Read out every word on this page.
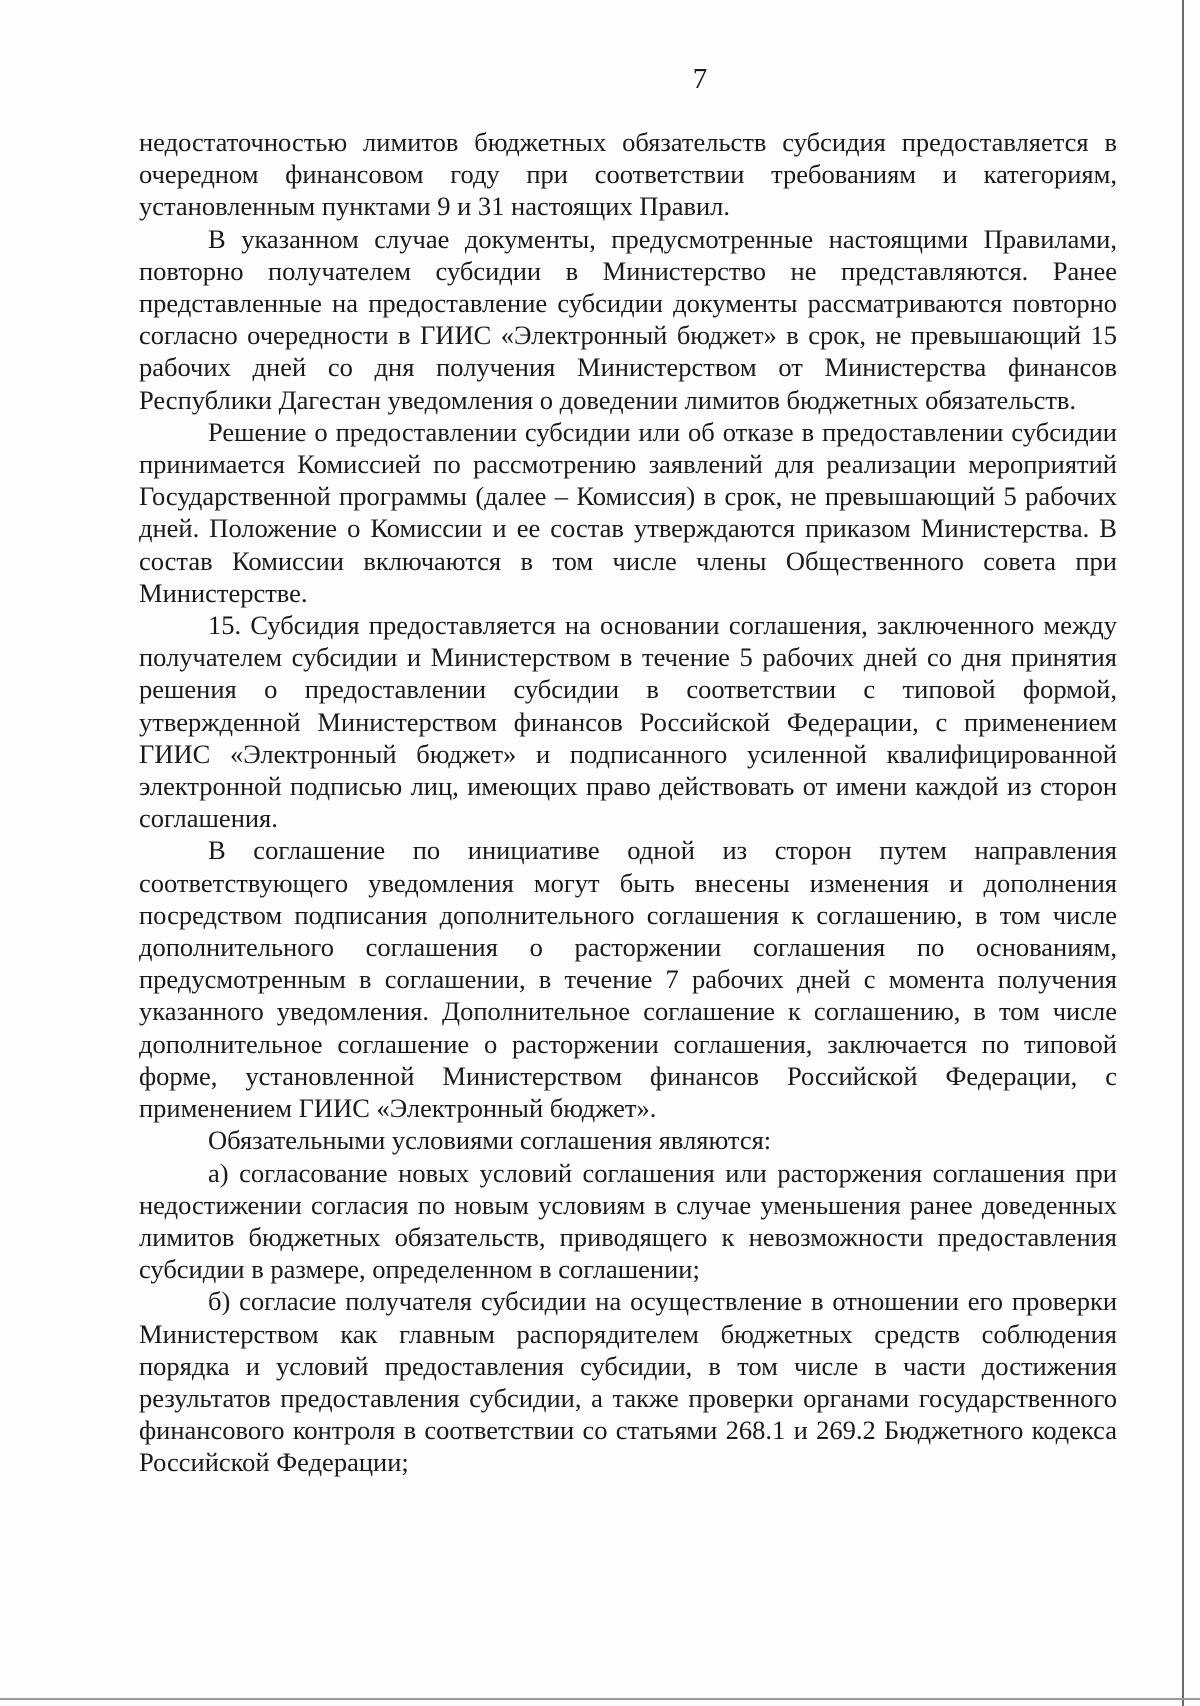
7

недостаточностью лимитов бюджетных обязательств субсидия предоставляется в очередном финансовом году при соответствии требованиям и категориям, установленным пунктами 9 и 31 настоящих Правил.

В указанном случае документы, предусмотренные настоящими Правилами, повторно получателем субсидии в Министерство не представляются. Ранее представленные на предоставление субсидии документы рассматриваются повторно согласно очередности в ГИИС «Электронный бюджет» в срок, не превышающий 15 рабочих дней со дня получения Министерством от Министерства финансов Республики Дагестан уведомления о доведении лимитов бюджетных обязательств.

Решение о предоставлении субсидии или об отказе в предоставлении субсидии принимается Комиссией по рассмотрению заявлений для реализации мероприятий Государственной программы (далее – Комиссия) в срок, не превышающий 5 рабочих дней. Положение о Комиссии и ее состав утверждаются приказом Министерства. В состав Комиссии включаются в том числе члены Общественного совета при Министерстве.

15. Субсидия предоставляется на основании соглашения, заключенного между получателем субсидии и Министерством в течение 5 рабочих дней со дня принятия решения о предоставлении субсидии в соответствии с типовой формой, утвержденной Министерством финансов Российской Федерации, с применением ГИИС «Электронный бюджет» и подписанного усиленной квалифицированной электронной подписью лиц, имеющих право действовать от имени каждой из сторон соглашения.

В соглашение по инициативе одной из сторон путем направления соответствующего уведомления могут быть внесены изменения и дополнения посредством подписания дополнительного соглашения к соглашению, в том числе дополнительного соглашения о расторжении соглашения по основаниям, предусмотренным в соглашении, в течение 7 рабочих дней с момента получения указанного уведомления. Дополнительное соглашение к соглашению, в том числе дополнительное соглашение о расторжении соглашения, заключается по типовой форме, установленной Министерством финансов Российской Федерации, с применением ГИИС «Электронный бюджет».

Обязательными условиями соглашения являются:

а) согласование новых условий соглашения или расторжения соглашения при недостижении согласия по новым условиям в случае уменьшения ранее доведенных лимитов бюджетных обязательств, приводящего к невозможности предоставления субсидии в размере, определенном в соглашении;

б) согласие получателя субсидии на осуществление в отношении его проверки Министерством как главным распорядителем бюджетных средств соблюдения порядка и условий предоставления субсидии, в том числе в части достижения результатов предоставления субсидии, а также проверки органами государственного финансового контроля в соответствии со статьями 268.1 и 269.2 Бюджетного кодекса Российской Федерации;
